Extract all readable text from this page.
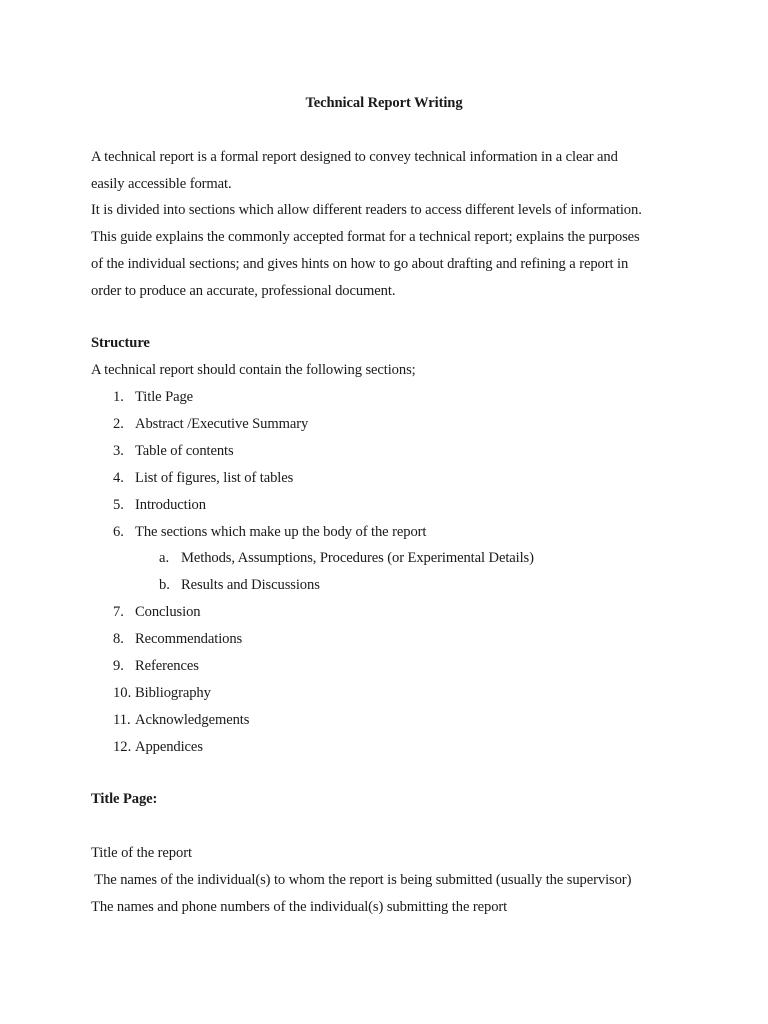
Technical Report Writing
A technical report is a formal report designed to convey technical information in a clear and
easily accessible format.
It is divided into sections which allow different readers to access different levels of information.
This guide explains the commonly accepted format for a technical report; explains the purposes
of the individual sections; and gives hints on how to go about drafting and refining a report in
order to produce an accurate, professional document.
Structure
A technical report should contain the following sections;
1. Title Page
2. Abstract /Executive Summary
3. Table of contents
4. List of figures, list of tables
5. Introduction
6. The sections which make up the body of the report
a. Methods, Assumptions, Procedures (or Experimental Details)
b. Results and Discussions
7. Conclusion
8. Recommendations
9. References
10. Bibliography
11. Acknowledgements
12. Appendices
Title Page:
Title of the report
The names of the individual(s) to whom the report is being submitted (usually the supervisor)
The names and phone numbers of the individual(s) submitting the report
